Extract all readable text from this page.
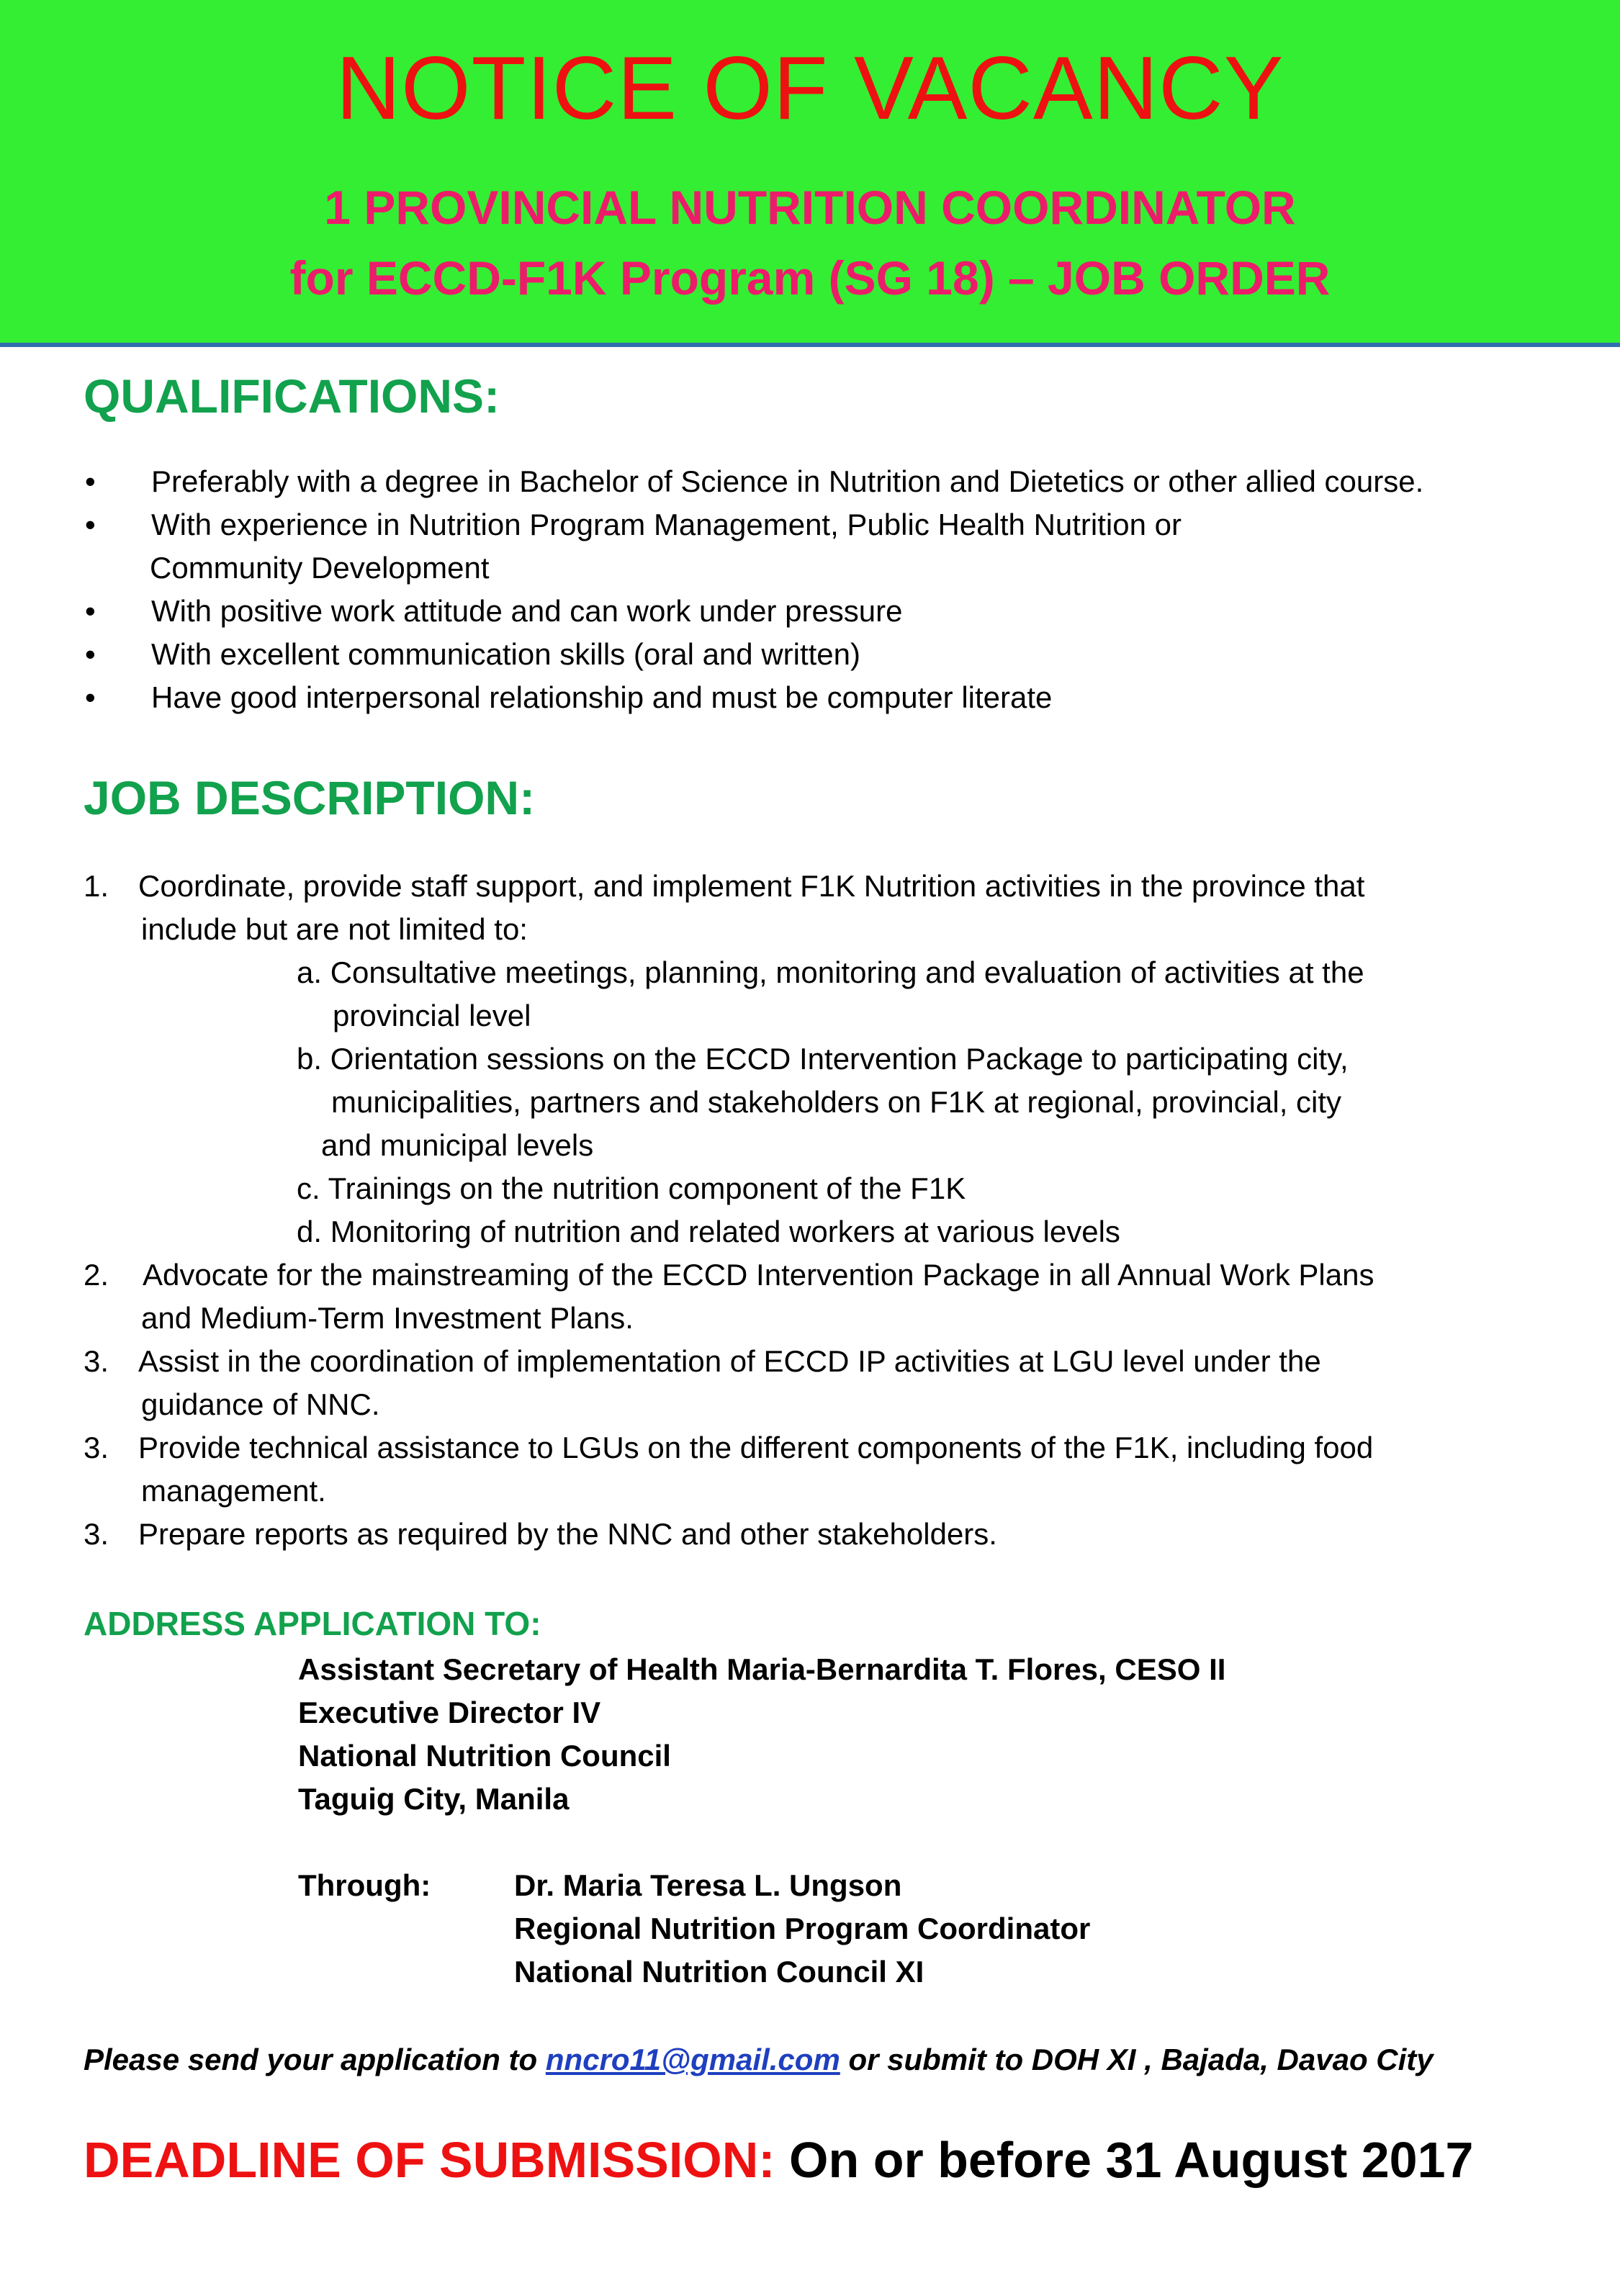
NOTICE OF VACANCY
1 PROVINCIAL NUTRITION COORDINATOR
for ECCD-F1K Program (SG 18) – JOB ORDER
QUALIFICATIONS:
• Preferably with a degree in Bachelor of Science in Nutrition and Dietetics or other allied course.
• With experience in Nutrition Program Management, Public Health Nutrition or
Community Development
• With positive work attitude and can work under pressure
• With excellent communication skills (oral and written)
• Have good interpersonal relationship and must be computer literate
JOB DESCRIPTION:
1. Coordinate, provide staff support, and implement F1K Nutrition activities in the province that
include but are not limited to:
a. Consultative meetings, planning, monitoring and evaluation of activities at the
provincial level
b. Orientation sessions on the ECCD Intervention Package to participating city,
municipalities, partners and stakeholders on F1K at regional, provincial, city
and municipal levels
c. Trainings on the nutrition component of the F1K
d. Monitoring of nutrition and related workers at various levels
2. Advocate for the mainstreaming of the ECCD Intervention Package in all Annual Work Plans
and Medium-Term Investment Plans.
3. Assist in the coordination of implementation of ECCD IP activities at LGU level under the
guidance of NNC.
3. Provide technical assistance to LGUs on the different components of the F1K, including food
management.
3. Prepare reports as required by the NNC and other stakeholders.
ADDRESS APPLICATION TO:
Assistant Secretary of Health Maria-Bernardita T. Flores, CESO II
Executive Director IV
National Nutrition Council
Taguig City, Manila
Through:	Dr. Maria Teresa L. Ungson
Regional Nutrition Program Coordinator
National Nutrition Council XI
Please send your application to nncro11@gmail.com or submit to DOH XI , Bajada, Davao City
DEADLINE OF SUBMISSION: On or before 31 August 2017
